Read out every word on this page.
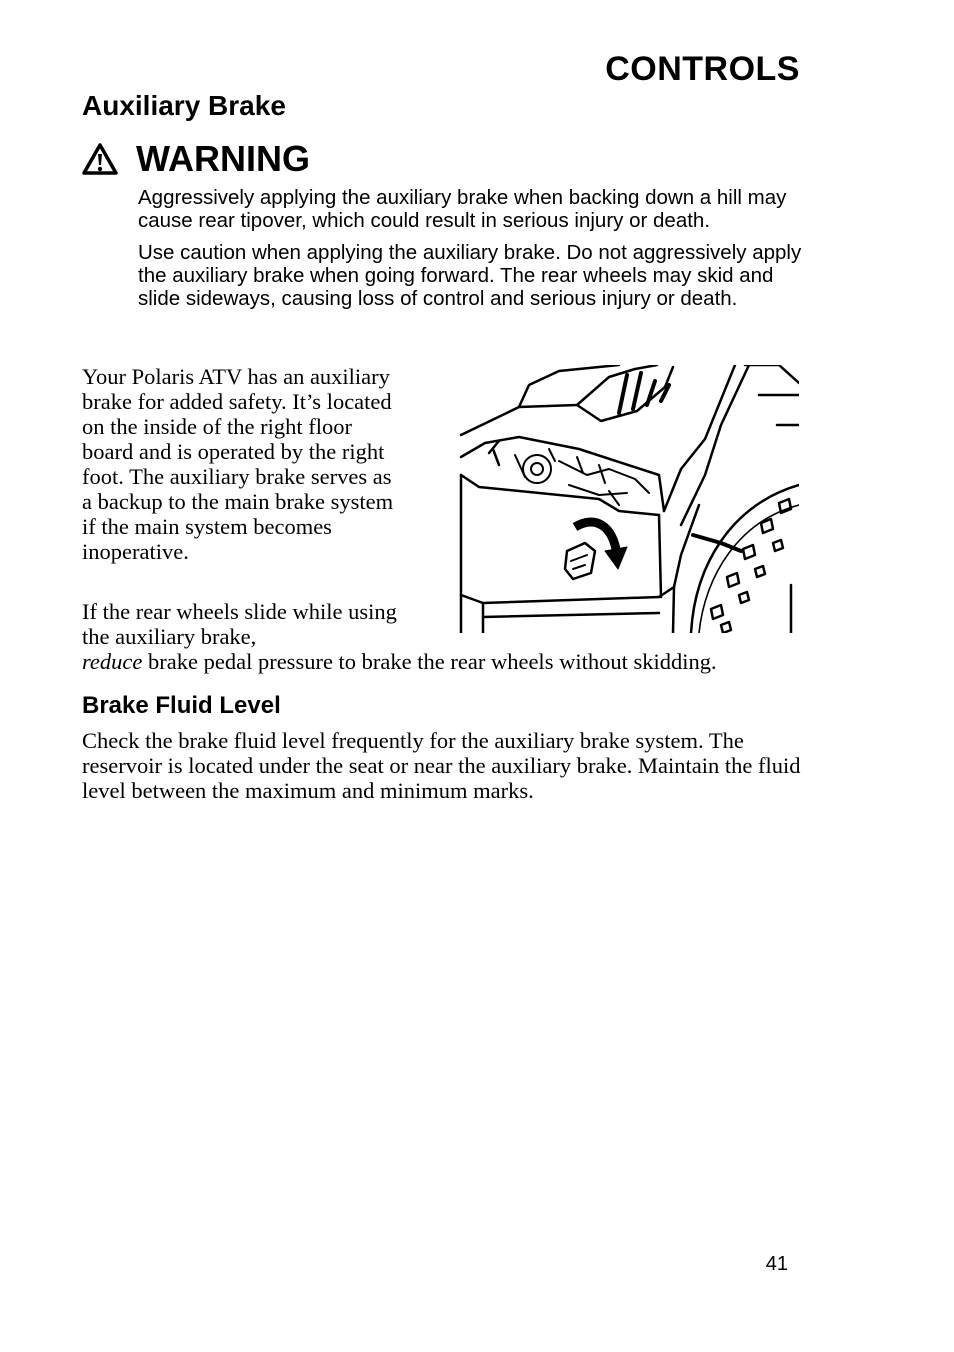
CONTROLS
Auxiliary Brake
WARNING

Aggressively applying the auxiliary brake when backing down a hill may cause rear tipover, which could result in serious injury or death.

Use caution when applying the auxiliary brake. Do not aggressively apply the auxiliary brake when going forward. The rear wheels may skid and slide sideways, causing loss of control and serious injury or death.

Your Polaris ATV has an auxiliary brake for added safety. It’s located on the inside of the right floor board and is operated by the right foot. The auxiliary brake serves as a backup to the main brake system if the main system becomes inoperative.
If the rear wheels slide while using the auxiliary brake,
reduce brake pedal pressure to brake the rear wheels without skidding.
Brake Fluid Level
Check the brake fluid level frequently for the auxiliary brake system. The reservoir is located under the seat or near the auxiliary brake. Maintain the fluid level between the maximum and minimum marks.
41
